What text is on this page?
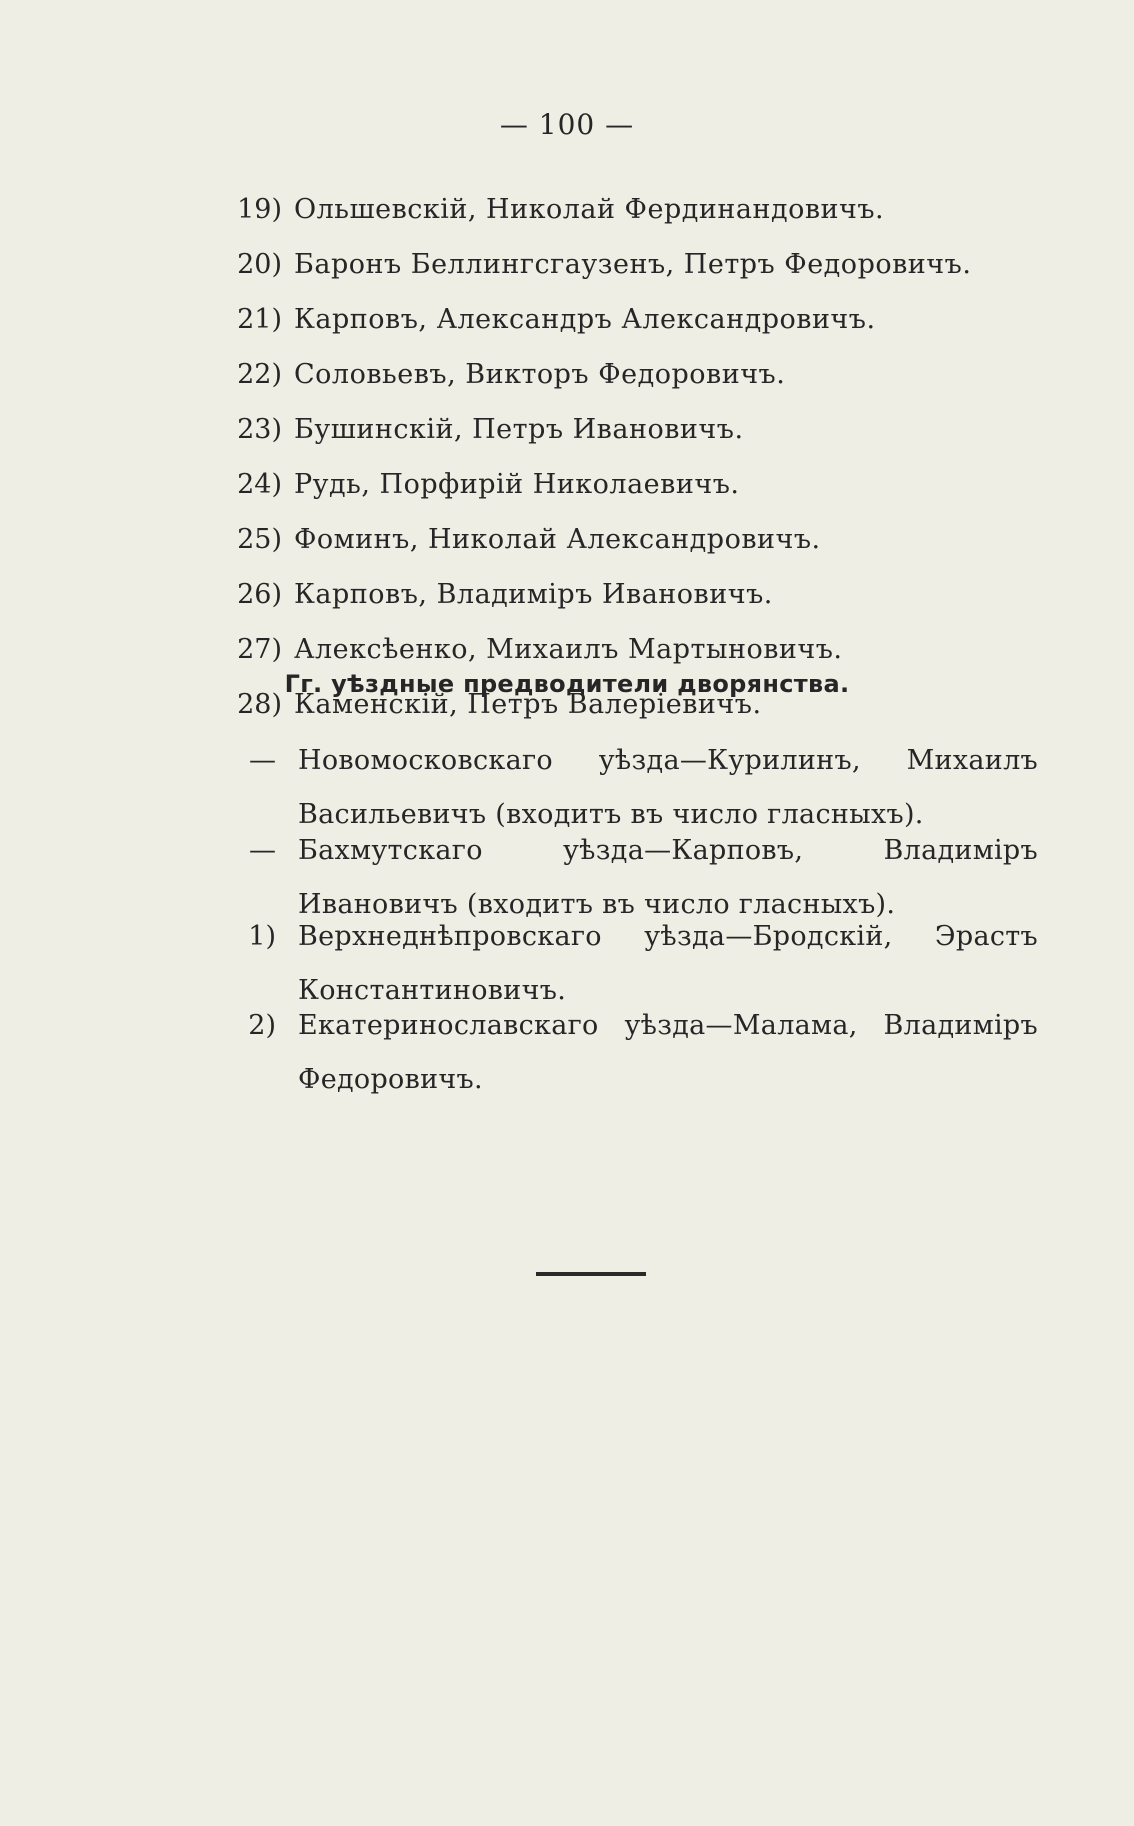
— 100 —
19) Ольшевскій, Николай Фердинандовичъ.
20) Баронъ Беллингсгаузенъ, Петръ Федоровичъ.
21) Карповъ, Александръ Александровичъ.
22) Соловьевъ, Викторъ Федоровичъ.
23) Бушинскій, Петръ Ивановичъ.
24) Рудь, Порфирій Николаевичъ.
25) Фоминъ, Николай Александровичъ.
26) Карповъ, Владиміръ Ивановичъ.
27) Алексѣенко, Михаилъ Мартыновичъ.
28) Каменскій, Петръ Валеріевичъ.
Гг. уѣздные предводители дворянства.
— Новомосковскаго уѣзда—Курилинъ, Михаилъ Васильевичъ (входитъ въ число гласныхъ).
— Бахмутскаго уѣзда—Карповъ, Владиміръ Ивановичъ (входитъ въ число гласныхъ).
1) Верхнеднѣпровскаго уѣзда—Бродскій, Эрастъ Константиновичъ.
2) Екатеринославскаго уѣзда—Малама, Владиміръ Федоровичъ.
